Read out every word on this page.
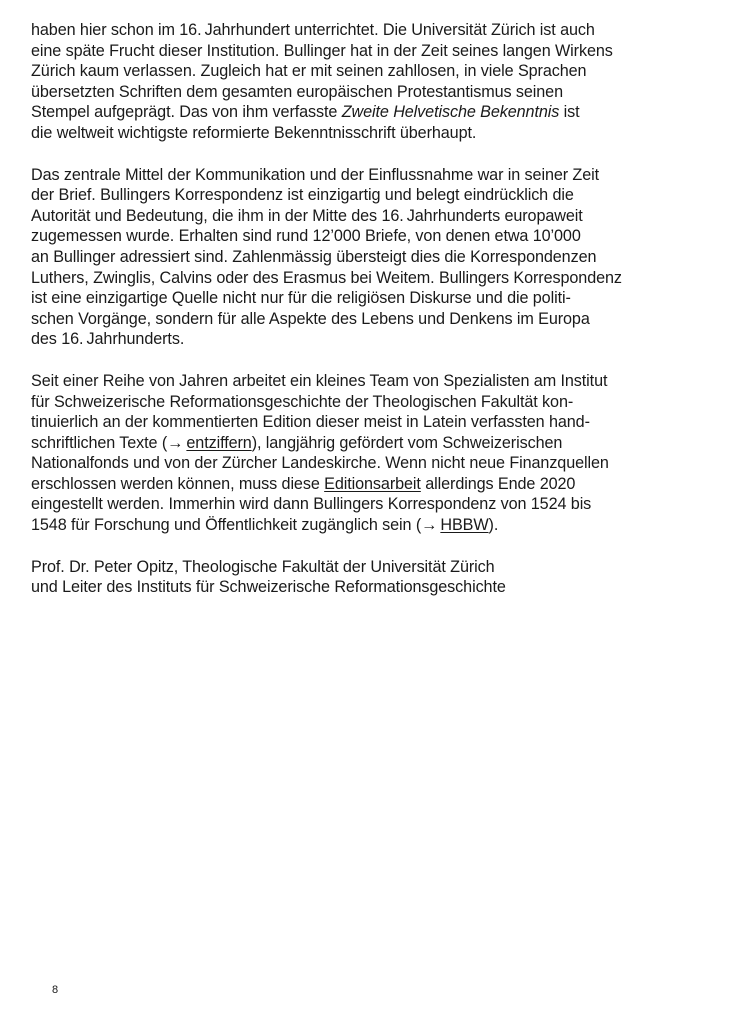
haben hier schon im 16. Jahrhundert unterrichtet. Die Universität Zürich ist auch
eine späte Frucht dieser Institution. Bullinger hat in der Zeit seines langen Wirkens
Zürich kaum verlassen. Zugleich hat er mit seinen zahllosen, in viele Sprachen
übersetzten Schriften dem gesamten europäischen Protestantismus seinen
Stempel aufgeprägt. Das von ihm verfasste Zweite Helvetische Bekenntnis ist
die weltweit wichtigste reformierte Bekenntnisschrift überhaupt.

Das zentrale Mittel der Kommunikation und der Einflussnahme war in seiner Zeit
der Brief. Bullingers Korrespondenz ist einzigartig und belegt eindrücklich die
Autorität und Bedeutung, die ihm in der Mitte des 16. Jahrhunderts europaweit
zugemessen wurde. Erhalten sind rund 12’000 Briefe, von denen etwa 10’000
an Bullinger adressiert sind. Zahlenmässig übersteigt dies die Korrespondenzen
Luthers, Zwinglis, Calvins oder des Erasmus bei Weitem. Bullingers Korrespondenz
ist eine einzigartige Quelle nicht nur für die religiösen Diskurse und die politi-
schen Vorgänge, sondern für alle Aspekte des Lebens und Denkens im Europa
des 16. Jahrhunderts.

Seit einer Reihe von Jahren arbeitet ein kleines Team von Spezialisten am Institut
für Schweizerische Reformationsgeschichte der Theologischen Fakultät kon-
tinuierlich an der kommentierten Edition dieser meist in Latein verfassten hand-
schriftlichen Texte (→ entziffern), langjährig gefördert vom Schweizerischen
Nationalfonds und von der Zürcher Landeskirche. Wenn nicht neue Finanzquellen
erschlossen werden können, muss diese Editionsarbeit allerdings Ende 2020
eingestellt werden. Immerhin wird dann Bullingers Korrespondenz von 1524 bis
1548 für Forschung und Öffentlichkeit zugänglich sein (→ HBBW).

Prof. Dr. Peter Opitz, Theologische Fakultät der Universität Zürich
und Leiter des Instituts für Schweizerische Reformationsgeschichte

8
